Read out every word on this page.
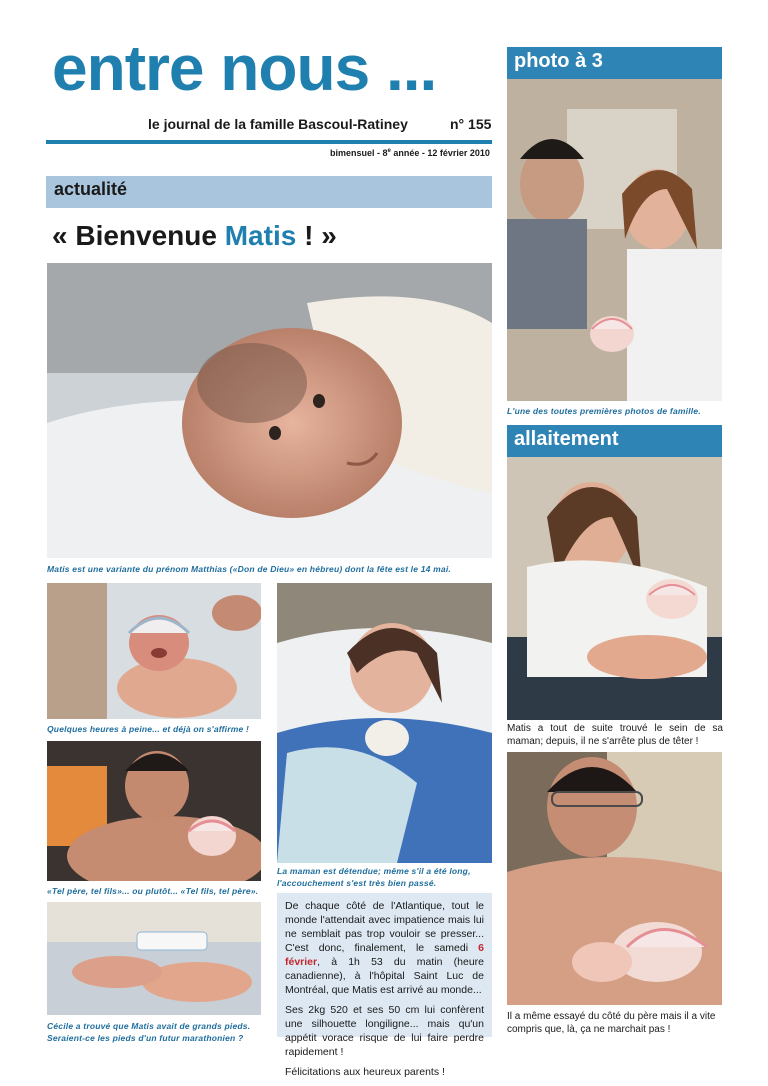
entre nous ...
le journal de la famille Bascoul-Ratiney	n° 155
bimensuel - 8e année - 12 février 2010
actualité
« Bienvenue Matis ! »
Matis est une variante du prénom Matthias («Don de Dieu» en hébreu) dont la fête est le 14 mai.
Quelques heures à peine... et déjà on s'affirme !
«Tel père, tel fils»... ou plutôt... «Tel fils, tel père».
Cécile a trouvé que Matis avait de grands pieds. Seraient-ce les pieds d'un futur marathonien ?
La maman est détendue; même s'il a été long, l'accouchement s'est très bien passé.

De chaque côté de l'Atlantique, tout le monde l'attendait avec impatience mais lui ne semblait pas trop vouloir se presser... C'est donc, finalement, le samedi 6 février, à 1h 53 du matin (heure canadienne), à l'hôpital Saint Luc de Montréal, que Matis est arrivé au monde...

Ses 2kg 520 et ses 50 cm lui confèrent une silhouette longiligne... mais qu'un appétit vorace risque de lui faire perdre rapidement !

Félicitations aux heureux parents !

photo à 3
L'une des toutes premières photos de famille.
allaitement
Matis a tout de suite trouvé le sein de sa maman; depuis, il ne s'arrête plus de têter !
Il a même essayé du côté du père mais il a vite compris que, là, ça ne marchait pas !
